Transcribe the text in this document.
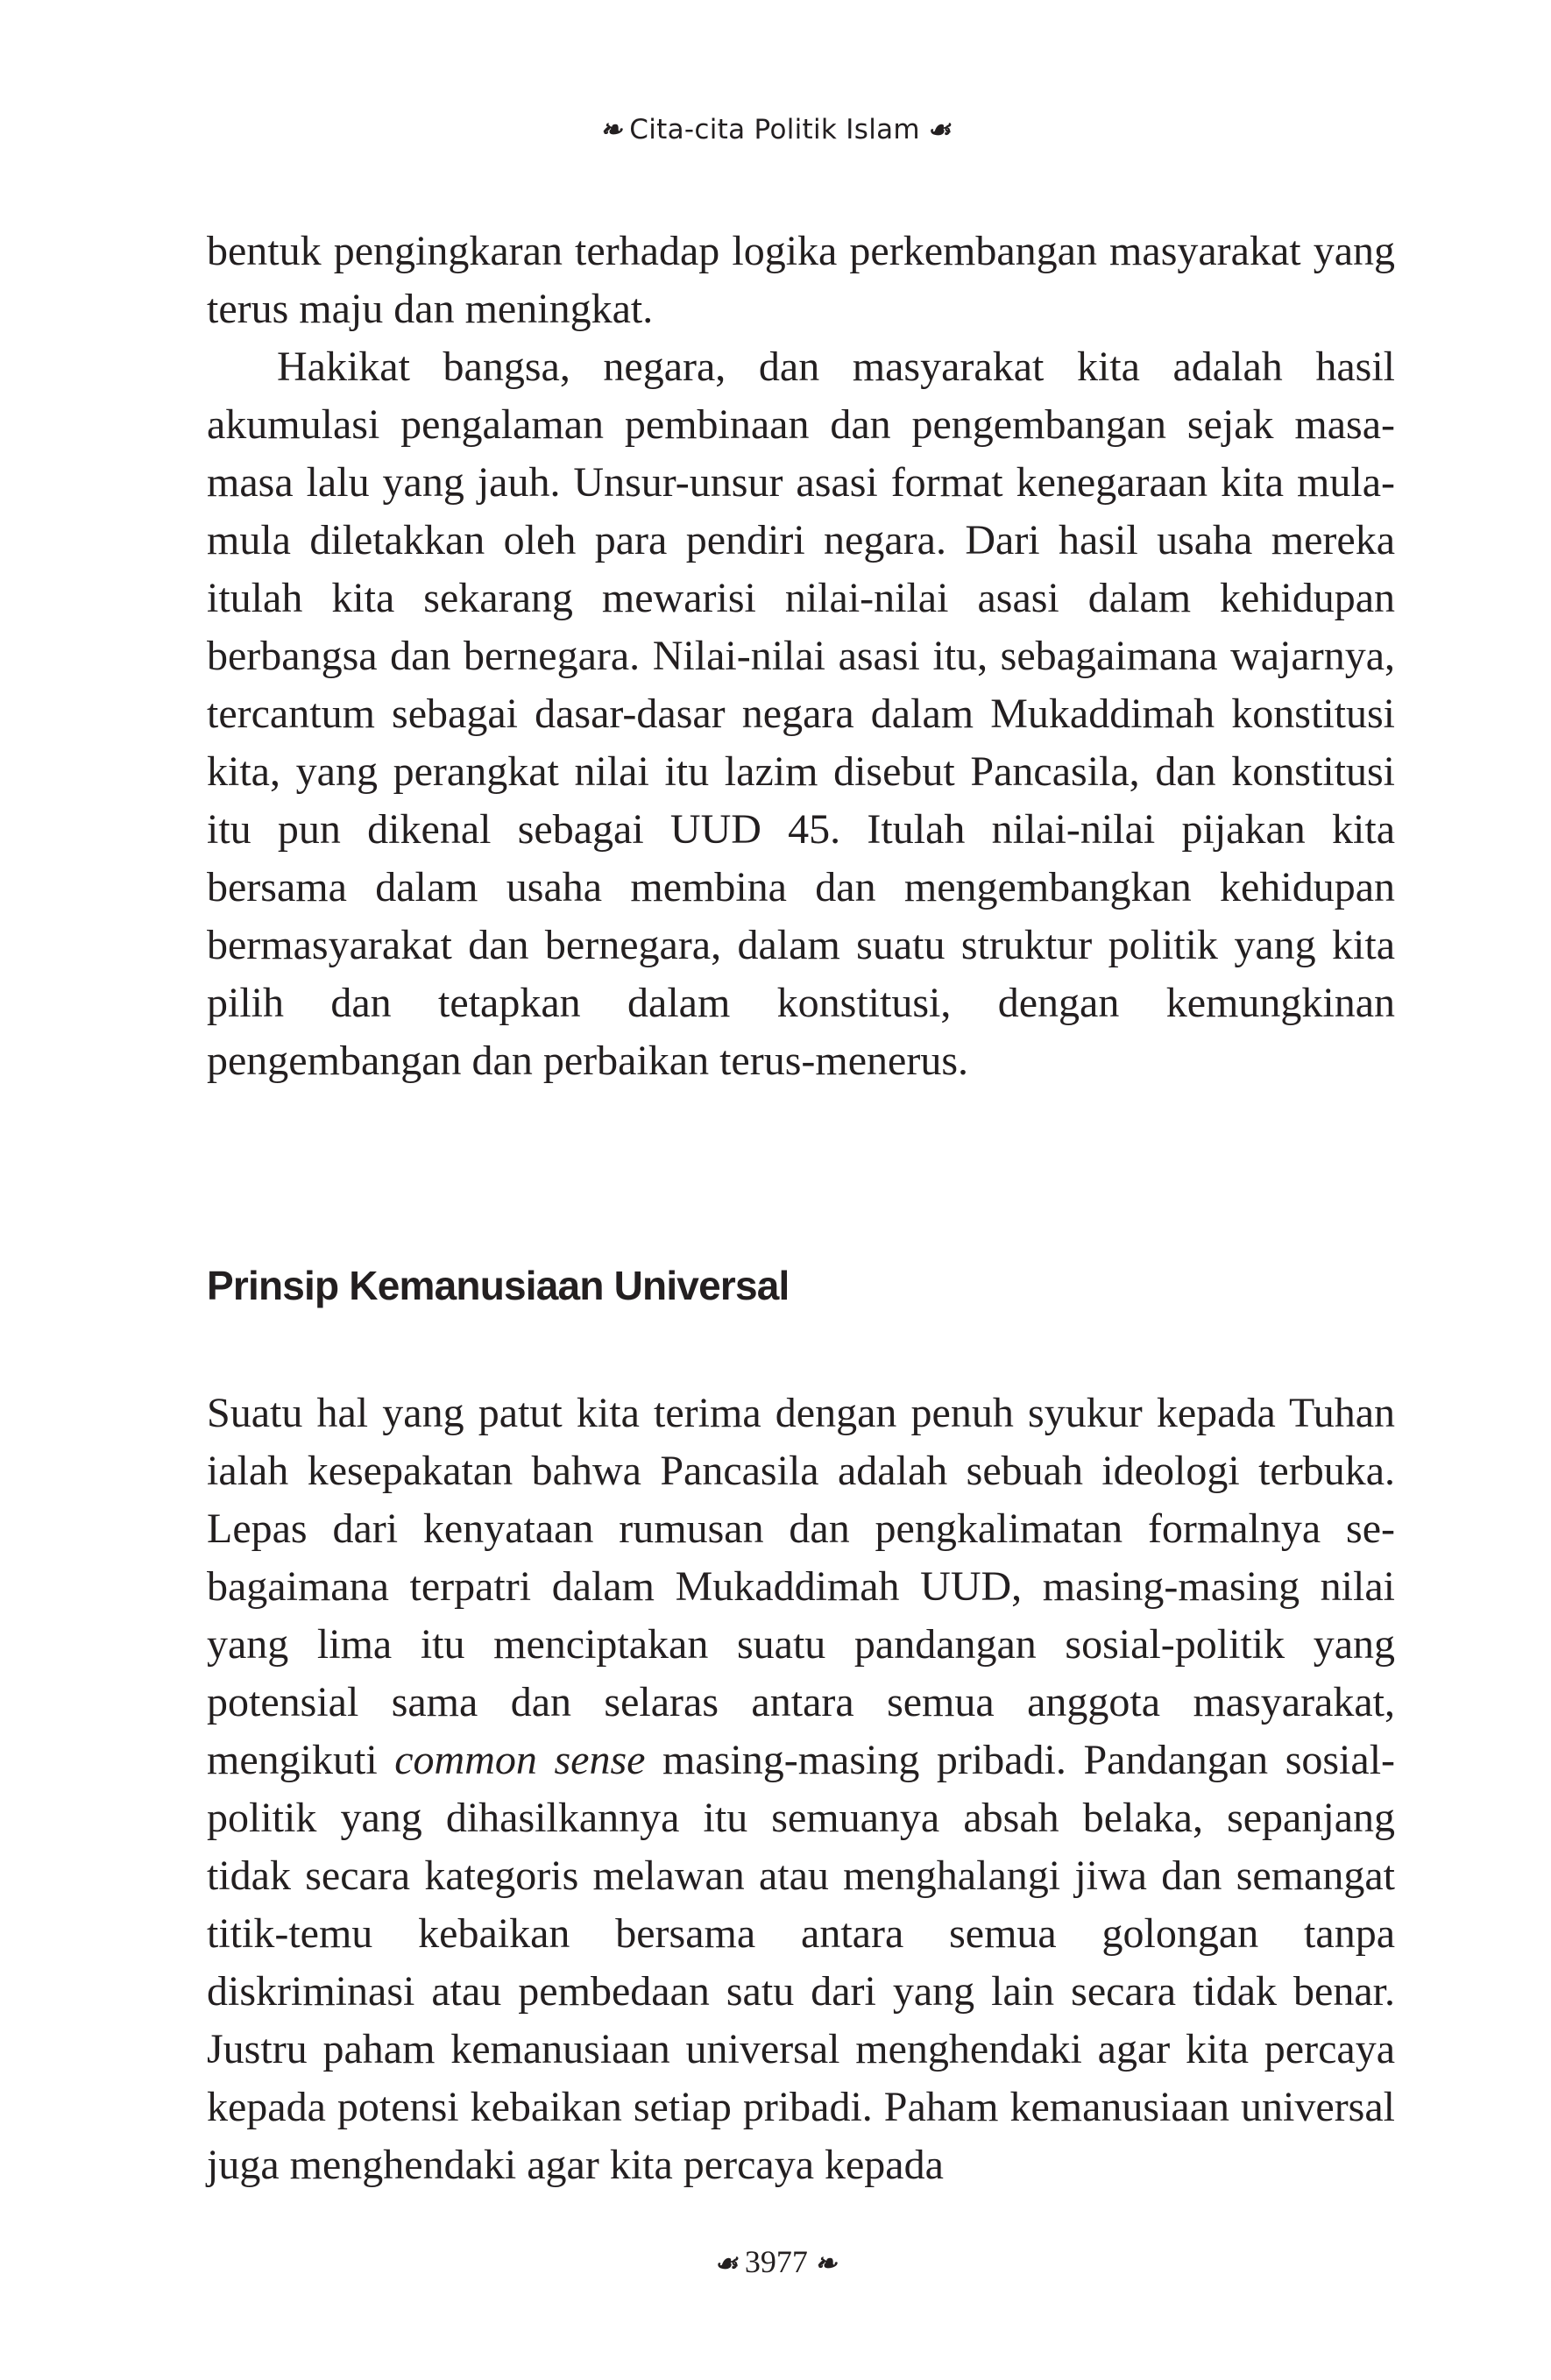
❧ Cita-cita Politik Islam ☙

bentuk pengingkaran terhadap logika perkembangan masyarakat yang terus maju dan meningkat.

Hakikat bangsa, negara, dan masyarakat kita adalah hasil akumulasi pengalaman pembinaan dan pengembangan sejak masa-masa lalu yang jauh. Unsur-unsur asasi format kenegaraan kita mula-mula diletakkan oleh para pendiri negara. Dari hasil usaha mereka itulah kita sekarang mewarisi nilai-nilai asasi dalam kehidupan berbangsa dan bernegara. Nilai-nilai asasi itu, sebagaimana wajarnya, tercantum sebagai dasar-dasar negara dalam Mukaddimah konstitusi kita, yang perangkat nilai itu lazim disebut Pancasila, dan konstitusi itu pun dikenal sebagai UUD 45. Itulah nilai-nilai pijakan kita bersama dalam usaha membina dan mengembangkan kehidupan bermasyarakat dan bernegara, dalam suatu struktur politik yang kita pilih dan tetapkan dalam konstitusi, dengan kemungkinan pengembangan dan perbaikan terus-menerus.

Prinsip Kemanusiaan Universal

Suatu hal yang patut kita terima dengan penuh syukur kepada Tuhan ialah kesepakatan bahwa Pancasila adalah sebuah ideologi terbuka. Lepas dari kenyataan rumusan dan pengkalimatan formalnya sebagaimana terpatri dalam Mukaddimah UUD, masing-masing nilai yang lima itu menciptakan suatu pandangan sosial-politik yang potensial sama dan selaras antara semua anggota masyarakat, mengikuti common sense masing-masing pribadi. Pandangan sosial-politik yang dihasilkannya itu semuanya absah belaka, sepanjang tidak secara kategoris melawan atau menghalangi jiwa dan semangat titik-temu kebaikan bersama antara semua golongan tanpa diskriminasi atau pembedaan satu dari yang lain secara tidak benar. Justru paham kemanusiaan universal menghendaki agar kita percaya kepada potensi kebaikan setiap pribadi. Paham kemanusiaan universal juga menghendaki agar kita percaya kepada

☙ 3977 ❧
